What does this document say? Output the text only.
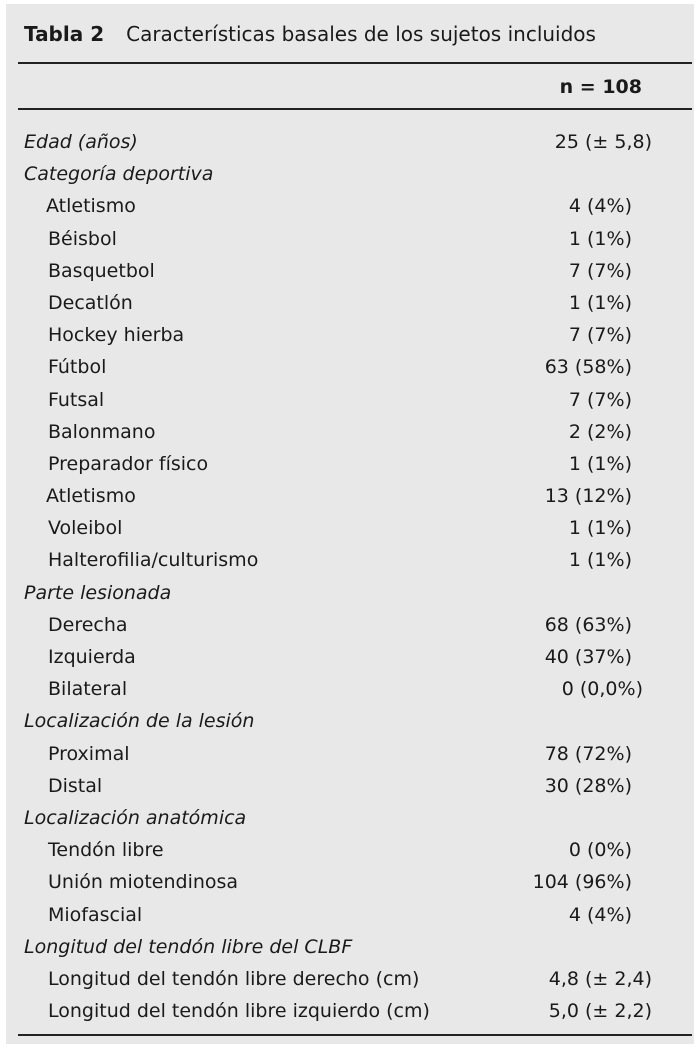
Tabla 2 Características basales de los sujetos incluidos
n = 108
Edad (años)	25 (± 5,8)
Categoría deportiva
Atletismo	4 (4%)
Béisbol	1 (1%)
Basquetbol	7 (7%)
Decatlón	1 (1%)
Hockey hierba	7 (7%)
Fútbol	63 (58%)
Futsal	7 (7%)
Balonmano	2 (2%)
Preparador físico	1 (1%)
Atletismo	13 (12%)
Voleibol	1 (1%)
Halterofilia/culturismo	1 (1%)
Parte lesionada
Derecha	68 (63%)
Izquierda	40 (37%)
Bilateral	0 (0,0%)
Localización de la lesión
Proximal	78 (72%)
Distal	30 (28%)
Localización anatómica
Tendón libre	0 (0%)
Unión miotendinosa	104 (96%)
Miofascial	4 (4%)
Longitud del tendón libre del CLBF
Longitud del tendón libre derecho (cm)	4,8 (± 2,4)
Longitud del tendón libre izquierdo (cm)	5,0 (± 2,2)
